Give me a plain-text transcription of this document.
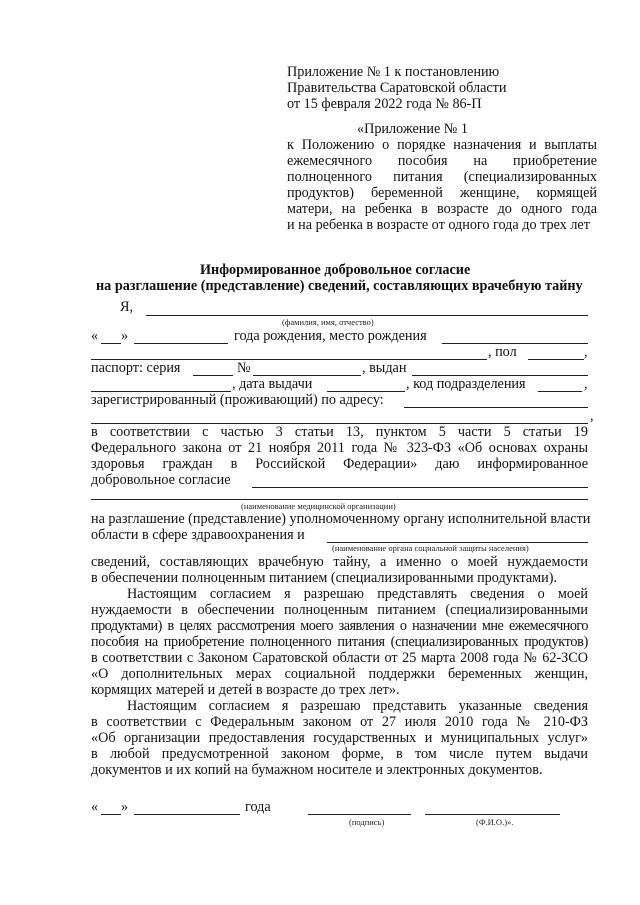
Приложение № 1 к постановлению
Правительства Саратовской области
от 15 февраля 2022 года № 86-П
«Приложение № 1
к Положению о порядке назначения и выплаты
ежемесячного пособия на приобретение
полноценного питания (специализированных
продуктов) беременной женщине, кормящей
матери, на ребенка в возрасте до одного года
и на ребенка в возрасте от одного года до трех лет
Информированное добровольное согласие
на разглашение (представление) сведений, составляющих врачебную тайну
Я,
(фамилия, имя, отчество)
« »	года рождения, место рождения
, пол	,
паспорт: серия	№	, выдан
, дата выдачи	, код подразделения	,
зарегистрированный (проживающий) по адресу:
,
в соответствии с частью 3 статьи 13, пунктом 5 части 5 статьи 19
Федерального закона от 21 ноября 2011 года № 323-ФЗ «Об основах охраны
здоровья граждан в Российской Федерации» даю информированное
добровольное согласие
(наименование медицинской организации)
на разглашение (представление) уполномоченному органу исполнительной власти
области в сфере здравоохранения и
(наименование органа социальной защиты населения)
сведений, составляющих врачебную тайну, а именно о моей нуждаемости
в обеспечении полноценным питанием (специализированными продуктами).
Настоящим согласием я разрешаю представлять сведения о моей
нуждаемости в обеспечении полноценным питанием (специализированными
продуктами) в целях рассмотрения моего заявления о назначении мне ежемесячного
пособия на приобретение полноценного питания (специализированных продуктов)
в соответствии с Законом Саратовской области от 25 марта 2008 года № 62-ЗСО
«О дополнительных мерах социальной поддержки беременных женщин,
кормящих матерей и детей в возрасте до трех лет».
Настоящим согласием я разрешаю представить указанные сведения
в соответствии с Федеральным законом от 27 июля 2010 года № 210-ФЗ
«Об организации предоставления государственных и муниципальных услуг»
в любой предусмотренной законом форме, в том числе путем выдачи
документов и их копий на бумажном носителе и электронных документов.
« »	года
(подпись)	(Ф.И.О.)».
